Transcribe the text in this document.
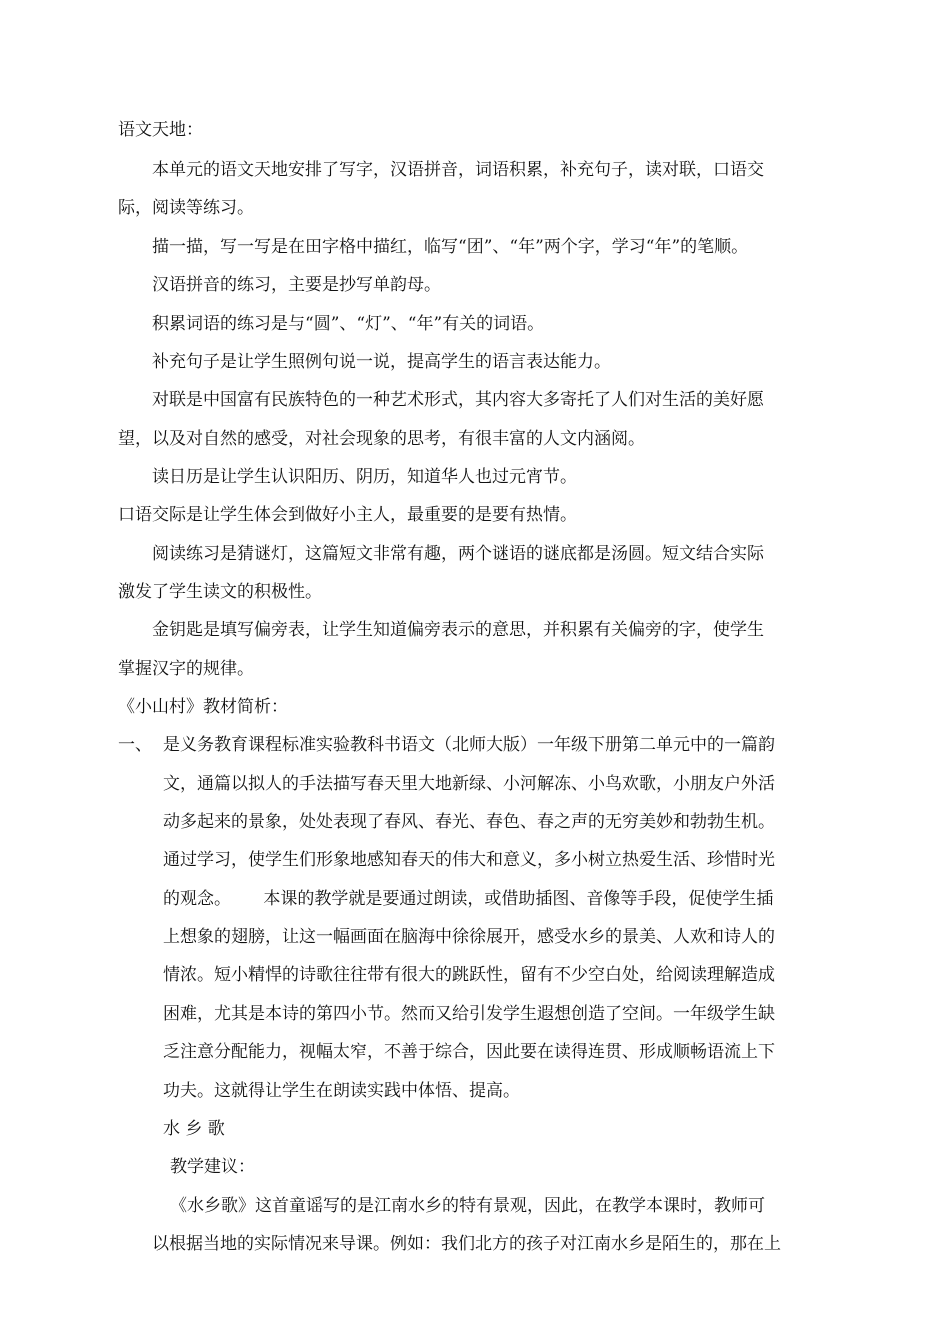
语文天地：
本单元的语文天地安排了写字，汉语拼音，词语积累，补充句子，读对联，口语交
际，阅读等练习。
描一描，写一写是在田字格中描红，临写“团”、“年”两个字，学习“年”的笔顺。
汉语拼音的练习，主要是抄写单韵母。
积累词语的练习是与“圆”、“灯”、“年”有关的词语。
补充句子是让学生照例句说一说，提高学生的语言表达能力。
对联是中国富有民族特色的一种艺术形式，其内容大多寄托了人们对生活的美好愿
望，以及对自然的感受，对社会现象的思考，有很丰富的人文内涵阅。
读日历是让学生认识阳历、阴历，知道华人也过元宵节。
口语交际是让学生体会到做好小主人，最重要的是要有热情。
阅读练习是猜谜灯，这篇短文非常有趣，两个谜语的谜底都是汤圆。短文结合实际
激发了学生读文的积极性。
金钥匙是填写偏旁表，让学生知道偏旁表示的意思，并积累有关偏旁的字，使学生
掌握汉字的规律。
《小山村》教材简析：
一、 是义务教育课程标准实验教科书语文（北师大版）一年级下册第二单元中的一篇韵
文，通篇以拟人的手法描写春天里大地新绿、小河解冻、小鸟欢歌，小朋友户外活
动多起来的景象，处处表现了春风、春光、春色、春之声的无穷美妙和勃勃生机。
通过学习，使学生们形象地感知春天的伟大和意义，多小树立热爱生活、珍惜时光
的观念。      本课的教学就是要通过朗读，或借助插图、音像等手段，促使学生插
上想象的翅膀，让这一幅画面在脑海中徐徐展开，感受水乡的景美、人欢和诗人的
情浓。短小精悍的诗歌往往带有很大的跳跃性，留有不少空白处，给阅读理解造成
困难，尤其是本诗的第四小节。然而又给引发学生遐想创造了空间。一年级学生缺
乏注意分配能力，视幅太窄，不善于综合，因此要在读得连贯、形成顺畅语流上下
功夫。这就得让学生在朗读实践中体悟、提高。
水 乡 歌
教学建议：
《水乡歌》这首童谣写的是江南水乡的特有景观，因此，在教学本课时，教师可
以根据当地的实际情况来导课。例如：我们北方的孩子对江南水乡是陌生的，那在上
